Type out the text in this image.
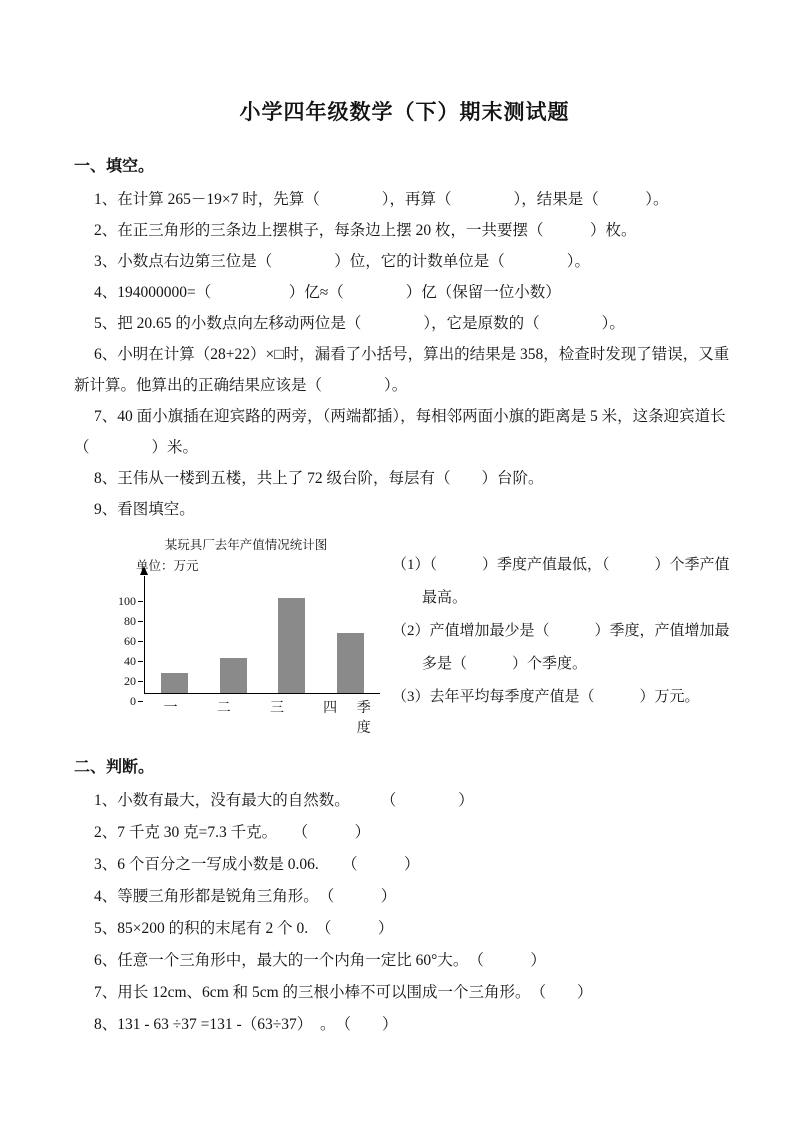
小学四年级数学（下）期末测试题
一、填空。
1、在计算 265－19×7 时，先算（　　　　），再算（　　　　），结果是（　　　）。
2、在正三角形的三条边上摆棋子，每条边上摆 20 枚，一共要摆（　　　）枚。
3、小数点右边第三位是（　　　　）位，它的计数单位是（　　　　）。
4、194000000=（　　　　　）亿≈（　　　　）亿（保留一位小数）
5、把 20.65 的小数点向左移动两位是（　　　　），它是原数的（　　　　）。
6、小明在计算（28+22）×□时，漏看了小括号，算出的结果是 358，检查时发现了错误，又重新计算。他算出的正确结果应该是（　　　　）。
7、40 面小旗插在迎宾路的两旁，（两端都插），每相邻两面小旗的距离是 5 米，这条迎宾道长（　　　　）米。
8、王伟从一楼到五楼，共上了 72 级台阶，每层有（　　）台阶。
9、看图填空。
某玩具厂去年产值情况统计图
单位：万元
0
20
40
60
80
100
一	二	三	四	季度
（1）（　　　）季度产值最低，（　　　）个季产值最高。
（2）产值增加最少是（　　　）季度，产值增加最多是（　　　）个季度。
（3）去年平均每季度产值是（　　　）万元。
二、判断。
1、小数有最大，没有最大的自然数。　　　（　　　　）
2、7 千克 30 克=7.3 千克。　　（　　　）
3、6 个百分之一写成小数是 0.06.　　（　　　）
4、等腰三角形都是锐角三角形。　（　　　）
5、85×200 的积的末尾有 2 个 0.　（　　　）
6、任意一个三角形中，最大的一个内角一定比 60°大。　（　　　）
7、用长 12cm、6cm 和 5cm 的三根小棒不可以围成一个三角形。　（　　）
8、131 - 63 ÷37 =131 -（63÷37）　。　（　　）
